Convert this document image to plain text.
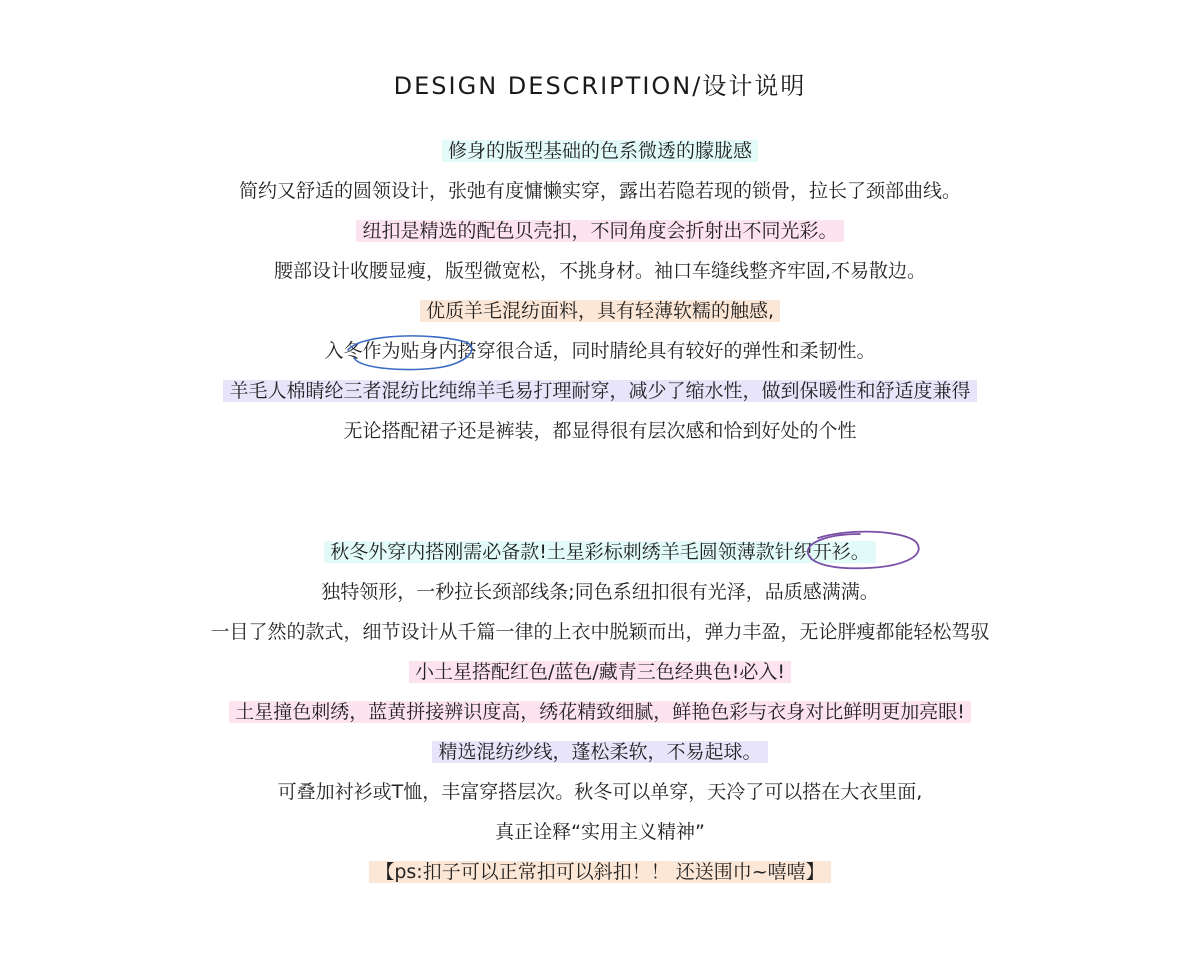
DESIGN DESCRIPTION/设计说明
修身的版型基础的色系微透的朦胧感
简约又舒适的圆领设计，张弛有度慵懒实穿，露出若隐若现的锁骨，拉长了颈部曲线。
纽扣是精选的配色贝壳扣，不同角度会折射出不同光彩。
腰部设计收腰显瘦，版型微宽松，不挑身材。袖口车缝线整齐牢固,不易散边。
优质羊毛混纺面料，具有轻薄软糯的触感,
入冬作为贴身内搭穿很合适，同时腈纶具有较好的弹性和柔韧性。
羊毛人棉睛纶三者混纺比纯绵羊毛易打理耐穿，减少了缩水性，做到保暖性和舒适度兼得
无论搭配裙子还是裤装，都显得很有层次感和恰到好处的个性
秋冬外穿内搭刚需必备款!土星彩标刺绣羊毛圆领薄款针织开衫。
独特领形，一秒拉长颈部线条;同色系纽扣很有光泽，品质感满满。
一目了然的款式，细节设计从千篇一律的上衣中脱颖而出，弹力丰盈，无论胖瘦都能轻松驾驭
小土星搭配红色/蓝色/藏青三色经典色!必入!
土星撞色刺绣，蓝黄拼接辨识度高，绣花精致细腻，鲜艳色彩与衣身对比鲜明更加亮眼!
精选混纺纱线，蓬松柔软，不易起球。
可叠加衬衫或T恤，丰富穿搭层次。秋冬可以单穿，天冷了可以搭在大衣里面,
真正诠释“实用主义精神”
【ps:扣子可以正常扣可以斜扣！！ 还送围巾~嘻嘻】
